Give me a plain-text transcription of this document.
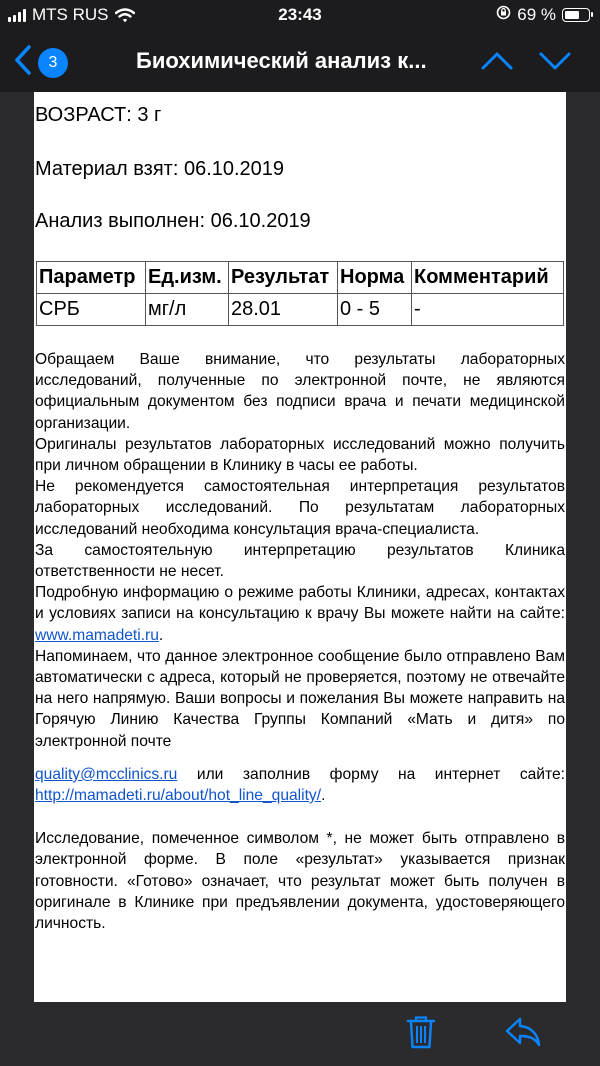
MTS RUS	23:43	69 %
3	Биохимический анализ к...
ВОЗРАСТ: 3 г
Материал взят: 06.10.2019
Анализ выполнен: 06.10.2019
Параметр	Ед.изм.	Результат	Норма	Комментарий
СРБ	мг/л	28.01	0 - 5	-

Обращаем Ваше внимание, что результаты лабораторных исследований, полученные по электронной почте, не являются официальным документом без подписи врача и печати медицинской организации.

Оригиналы результатов лабораторных исследований можно получить при личном обращении в Клинику в часы ее работы.

Не рекомендуется самостоятельная интерпретация результатов лабораторных исследований. По результатам лабораторных исследований необходима консультация врача-специалиста.

За самостоятельную интерпретацию результатов Клиника ответственности не несет.

Подробную информацию о режиме работы Клиники, адресах, контактах и условиях записи на консультацию к врачу Вы можете найти на сайте: www.mamadeti.ru.

Напоминаем, что данное электронное сообщение было отправлено Вам автоматически с адреса, который не проверяется, поэтому не отвечайте на него напрямую. Ваши вопросы и пожелания Вы можете направить на Горячую Линию Качества Группы Компаний «Мать и дитя» по электронной почте

quality@mcclinics.ru или заполнив форму на интернет сайте: http://mamadeti.ru/about/hot_line_quality/.

Исследование, помеченное символом *, не может быть отправлено в электронной форме. В поле «результат» указывается признак готовности. «Готово» означает, что результат может быть получен в оригинале в Клинике при предъявлении документа, удостоверяющего личность.
